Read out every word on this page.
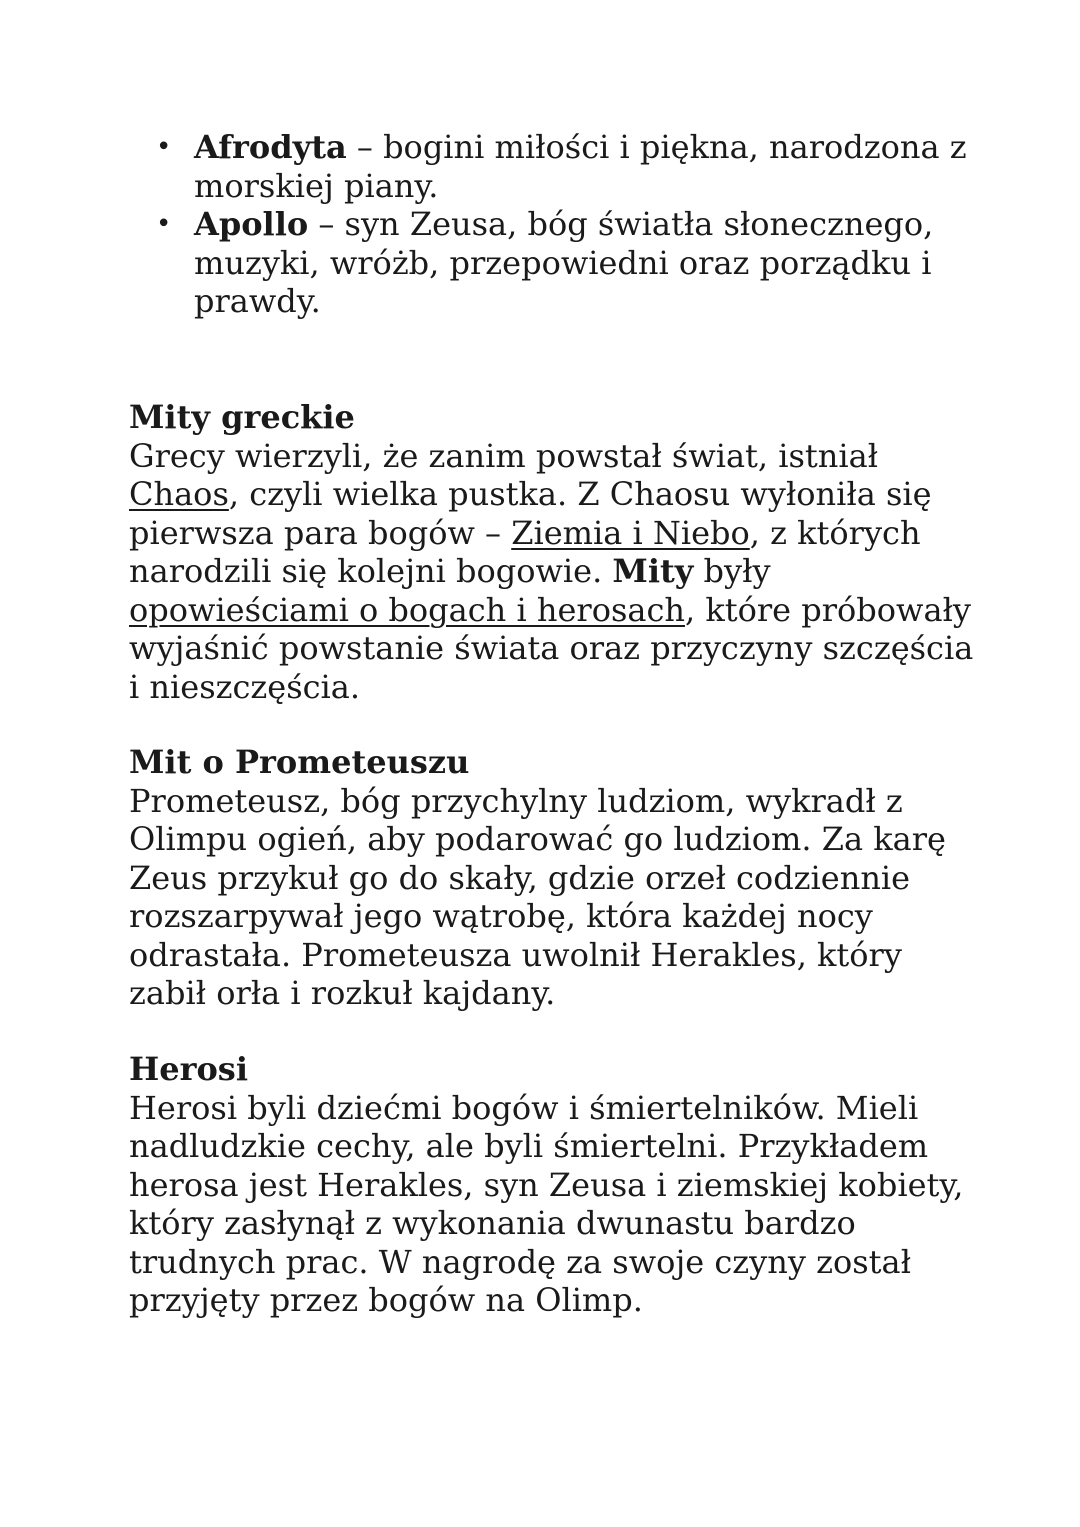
• Afrodyta – bogini miłości i piękna, narodzona z morskiej piany.
• Apollo – syn Zeusa, bóg światła słonecznego, muzyki, wróżb, przepowiedni oraz porządku i prawdy.
Mity greckie

Grecy wierzyli, że zanim powstał świat, istniał Chaos, czyli wielka pustka. Z Chaosu wyłoniła się pierwsza para bogów – Ziemia i Niebo, z których narodzili się kolejni bogowie. Mity były opowieściami o bogach i herosach, które próbowały wyjaśnić powstanie świata oraz przyczyny szczęścia i nieszczęścia.

Mit o Prometeuszu

Prometeusz, bóg przychylny ludziom, wykradł z Olimpu ogień, aby podarować go ludziom. Za karę Zeus przykuł go do skały, gdzie orzeł codziennie rozszarpywał jego wątrobę, która każdej nocy odrastała. Prometeusza uwolnił Herakles, który zabił orła i rozkuł kajdany.

Herosi

Herosi byli dziećmi bogów i śmiertelników. Mieli nadludzkie cechy, ale byli śmiertelni. Przykładem herosa jest Herakles, syn Zeusa i ziemskiej kobiety, który zasłynął z wykonania dwunastu bardzo trudnych prac. W nagrodę za swoje czyny został przyjęty przez bogów na Olimp.
